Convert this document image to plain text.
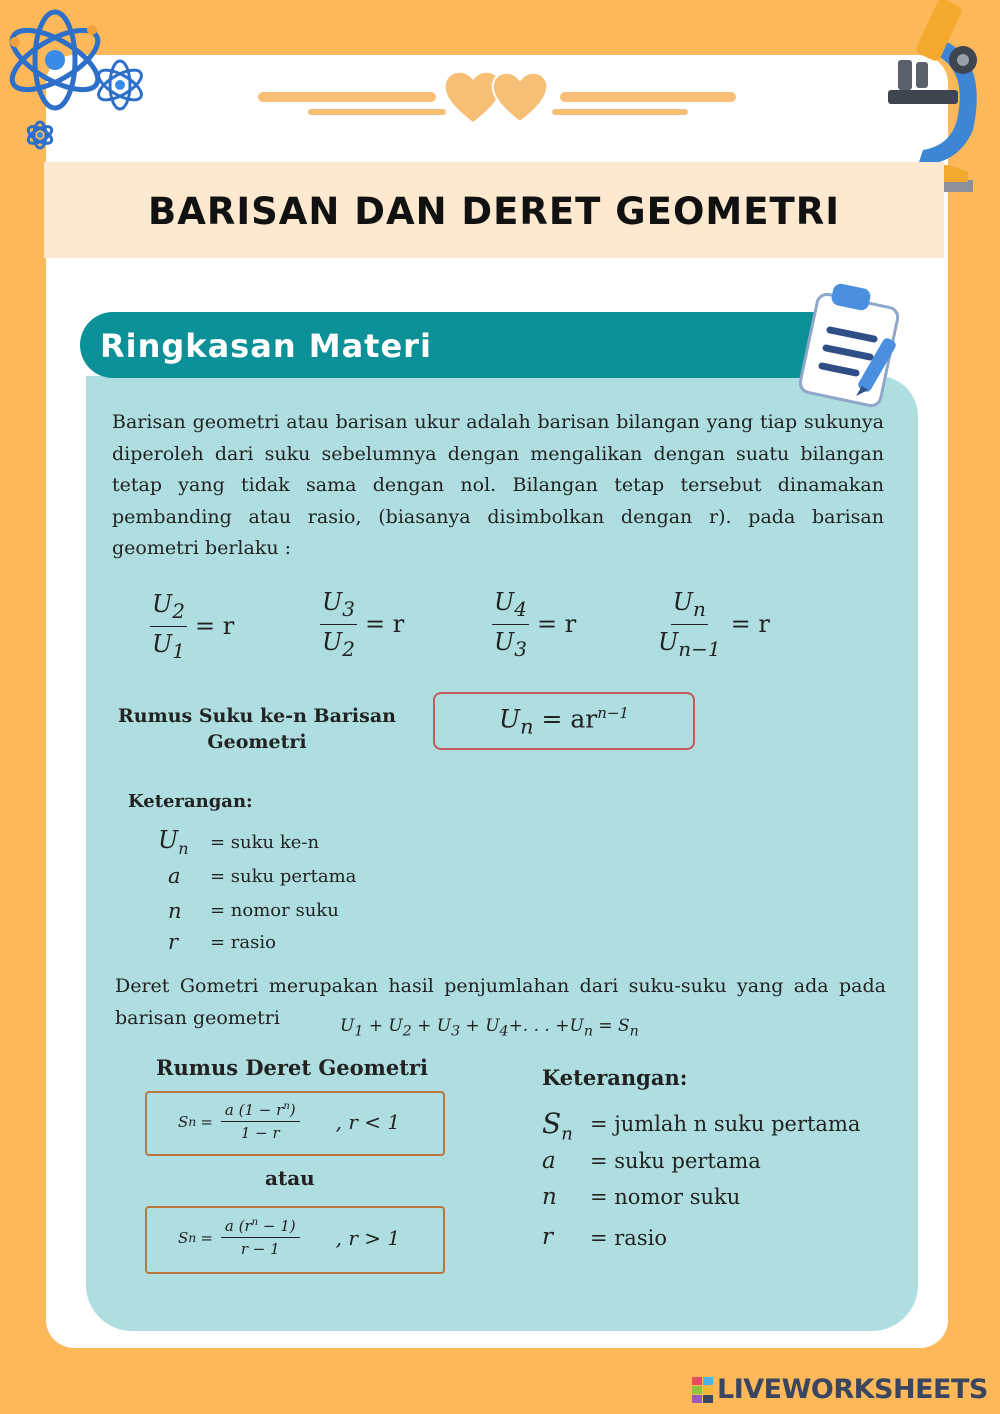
BARISAN DAN DERET GEOMETRI
Ringkasan Materi
Barisan geometri atau barisan ukur adalah barisan bilangan yang tiap sukunya diperoleh dari suku sebelumnya dengan mengalikan dengan suatu bilangan tetap yang tidak sama dengan nol. Bilangan tetap tersebut dinamakan pembanding atau rasio, (biasanya disimbolkan dengan r). pada barisan geometri berlaku :
$\frac{U_2}{U_1} = r$	$\frac{U_3}{U_2} = r$	$\frac{U_4}{U_3} = r$	$\frac{U_n}{U_{n-1}} = r$
Rumus Suku ke-n Barisan
Geometri
$U_n = ar^{n-1}$
Keterangan:
$U_n$ = suku ke-n
a = suku pertama
n = nomor suku
r = rasio
Deret Gometri merupakan hasil penjumlahan dari suku-suku yang ada pada
barisan geometri	$U_1 + U_2 + U_3 + U_4+$. . . $+U_n = S_n$
Rumus Deret Geometri
S $n = \frac{a (1 - r^n)}{1 - r}$ , r < 1
atau
S $n = \frac{a (r^n - 1)}{r - 1}$ , r > 1
Keterangan:
$S_n$ = jumlah n suku pertama
a = suku pertama
n = nomor suku
r = rasio
LIVEWORKSHEETS
